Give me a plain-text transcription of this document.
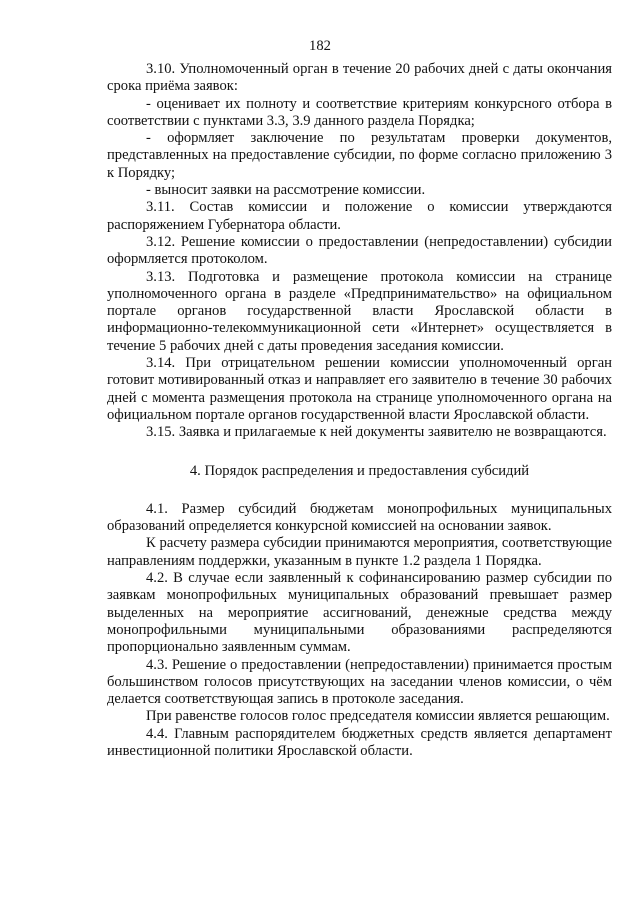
182

3.10. Уполномоченный орган в течение 20 рабочих дней с даты окончания срока приёма заявок:

- оценивает их полноту и соответствие критериям конкурсного отбора в соответствии с пунктами 3.3, 3.9 данного раздела Порядка;

- оформляет заключение по результатам проверки документов, представленных на предоставление субсидии, по форме согласно приложению 3 к Порядку;

- выносит заявки на рассмотрение комиссии.

3.11. Состав комиссии и положение о комиссии утверждаются распоряжением Губернатора области.

3.12. Решение комиссии о предоставлении (непредоставлении) субсидии оформляется протоколом.

3.13. Подготовка и размещение протокола комиссии на странице уполномоченного органа в разделе «Предпринимательство» на официальном портале органов государственной власти Ярославской области в информационно-телекоммуникационной сети «Интернет» осуществляется в течение 5 рабочих дней с даты проведения заседания комиссии.

3.14. При отрицательном решении комиссии уполномоченный орган готовит мотивированный отказ и направляет его заявителю в течение 30 рабочих дней с момента размещения протокола на странице уполномоченного органа на официальном портале органов государственной власти Ярославской области.

3.15. Заявка и прилагаемые к ней документы заявителю не возвращаются.

4. Порядок распределения и предоставления субсидий

4.1. Размер субсидий бюджетам монопрофильных муниципальных образований определяется конкурсной комиссией на основании заявок.

К расчету размера субсидии принимаются мероприятия, соответствующие направлениям поддержки, указанным в пункте 1.2 раздела 1 Порядка.

4.2. В случае если заявленный к софинансированию размер субсидии по заявкам монопрофильных муниципальных образований превышает размер выделенных на мероприятие ассигнований, денежные средства между монопрофильными муниципальными образованиями распределяются пропорционально заявленным суммам.

4.3. Решение о предоставлении (непредоставлении) принимается простым большинством голосов присутствующих на заседании членов комиссии, о чём делается соответствующая запись в протоколе заседания.

При равенстве голосов голос председателя комиссии является решающим.

4.4. Главным распорядителем бюджетных средств является департамент инвестиционной политики Ярославской области.
